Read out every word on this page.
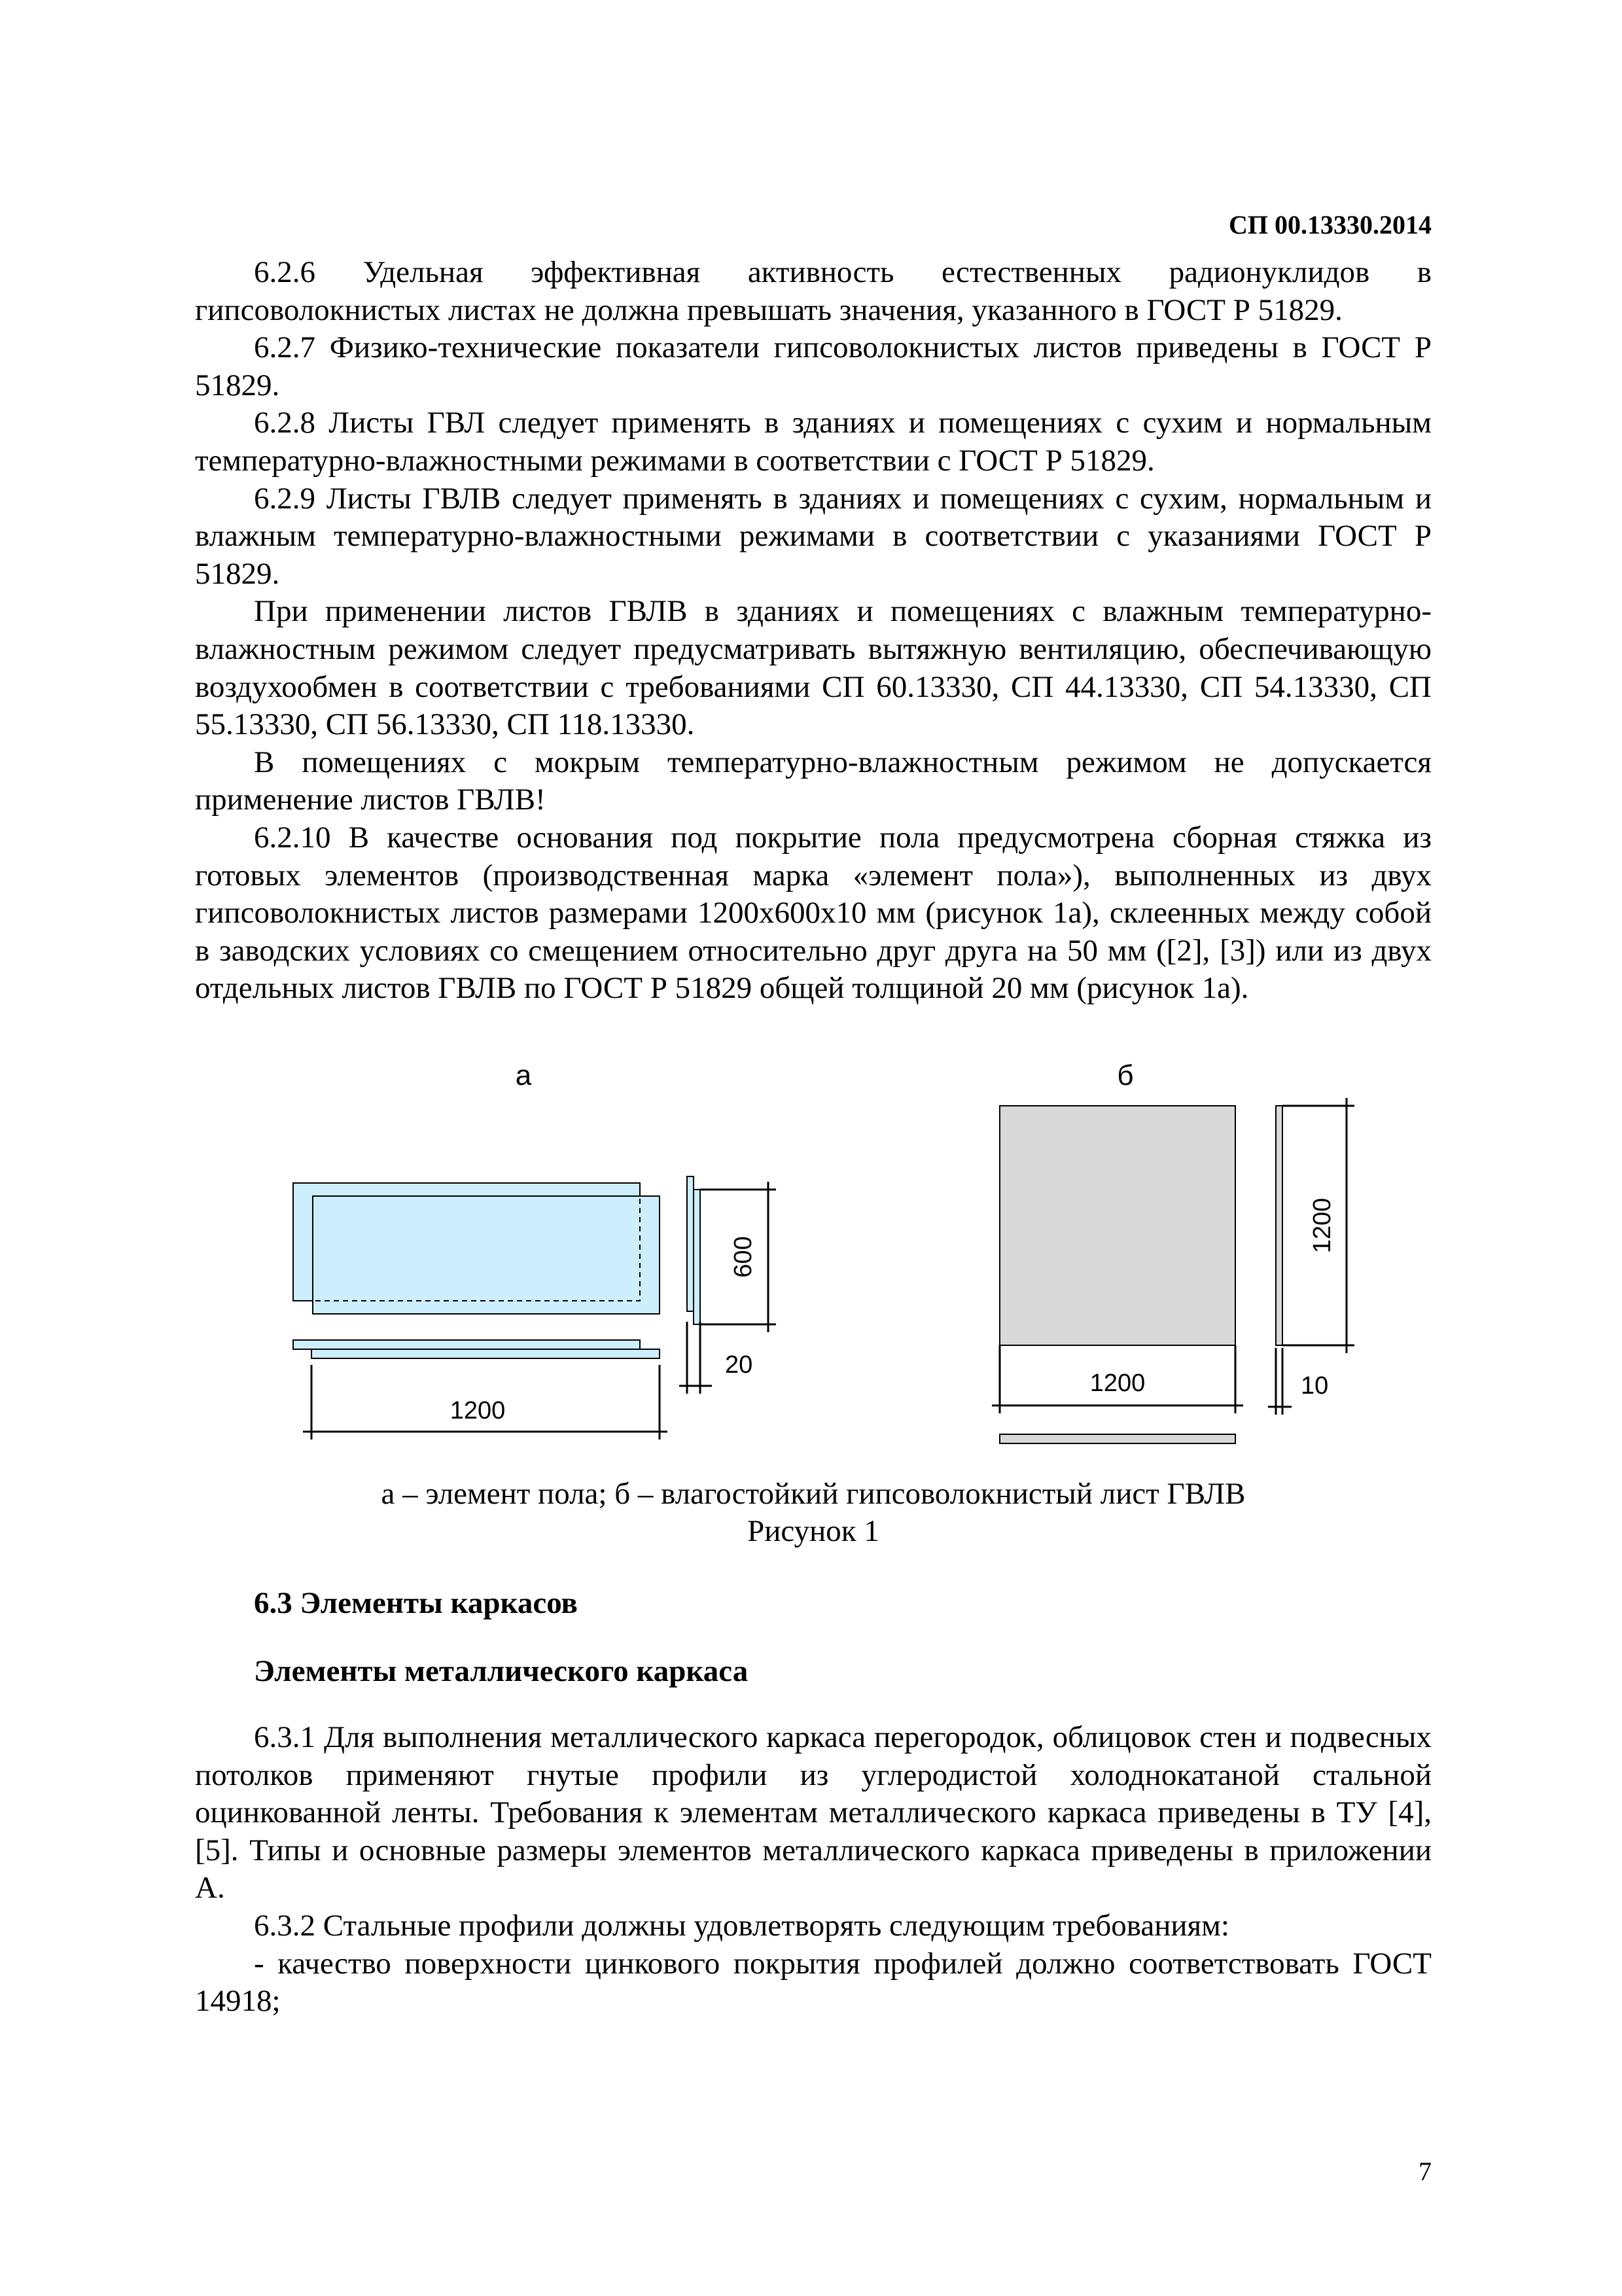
СП 00.13330.2014

6.2.6 Удельная эффективная активность естественных радионуклидов в гипсоволокнистых листах не должна превышать значения, указанного в ГОСТ Р 51829.

6.2.7 Физико-технические показатели гипсоволокнистых листов приведены в ГОСТ Р 51829.

6.2.8 Листы ГВЛ следует применять в зданиях и помещениях с сухим и нормальным температурно-влажностными режимами в соответствии с ГОСТ Р 51829.

6.2.9 Листы ГВЛВ следует применять в зданиях и помещениях с сухим, нормальным и влажным температурно-влажностными режимами в соответствии с указаниями ГОСТ Р 51829.

При применении листов ГВЛВ в зданиях и помещениях с влажным температурно-влажностным режимом следует предусматривать вытяжную вентиляцию, обеспечивающую воздухообмен в соответствии с требованиями СП 60.13330, СП 44.13330, СП 54.13330, СП 55.13330, СП 56.13330, СП 118.13330.

В помещениях с мокрым температурно-влажностным режимом не допускается применение листов ГВЛВ!

6.2.10 В качестве основания под покрытие пола предусмотрена сборная стяжка из готовых элементов (производственная марка «элемент пола»), выполненных из двух гипсоволокнистых листов размерами 1200х600х10 мм (рисунок 1а), склеенных между собой в заводских условиях со смещением относительно друг друга на 50 мм ([2], [3]) или из двух отдельных листов ГВЛВ по ГОСТ Р 51829 общей толщиной 20 мм (рисунок 1а).

а
1200
600
20
б
1200
1200
10
а – элемент пола; б – влагостойкий гипсоволокнистый лист ГВЛВ
Рисунок 1
6.3 Элементы каркасов
Элементы металлического каркаса

6.3.1 Для выполнения металлического каркаса перегородок, облицовок стен и подвесных потолков применяют гнутые профили из углеродистой холоднокатаной стальной оцинкованной ленты. Требования к элементам металлического каркаса приведены в ТУ [4], [5]. Типы и основные размеры элементов металлического каркаса приведены в приложении А.

6.3.2 Стальные профили должны удовлетворять следующим требованиям:

- качество поверхности цинкового покрытия профилей должно соответствовать ГОСТ 14918;

7
